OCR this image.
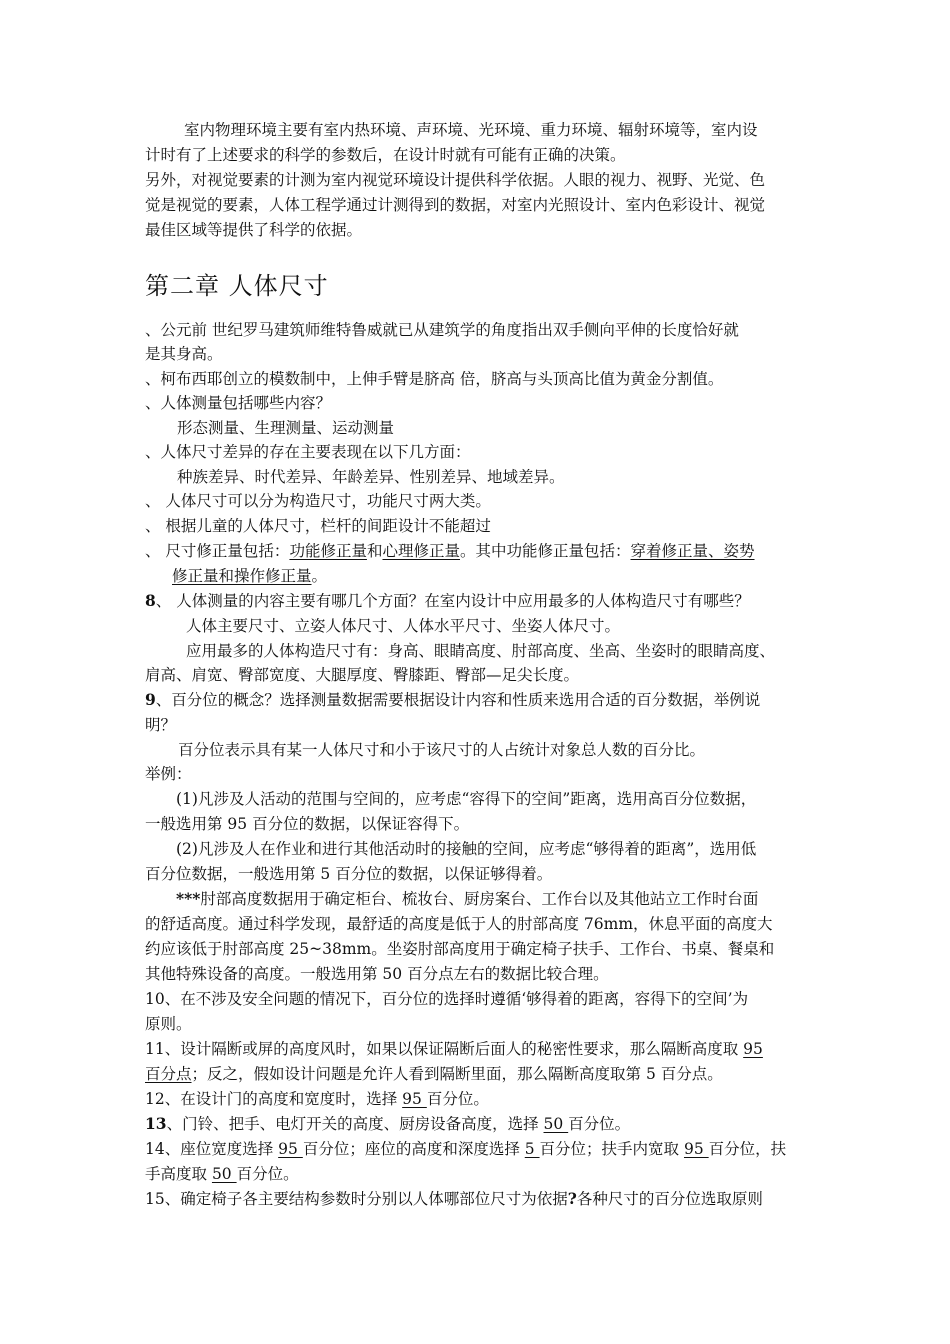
室内物理环境主要有室内热环境、声环境、光环境、重力环境、辐射环境等，室内设
计时有了上述要求的科学的参数后，在设计时就有可能有正确的决策。
另外，对视觉要素的计测为室内视觉环境设计提供科学依据。人眼的视力、视野、光觉、色
觉是视觉的要素，人体工程学通过计测得到的数据，对室内光照设计、室内色彩设计、视觉
最佳区域等提供了科学的依据。
第二章 人体尺寸
、公元前 世纪罗马建筑师维特鲁威就已从建筑学的角度指出双手侧向平伸的长度恰好就
是其身高。
、柯布西耶创立的模数制中，上伸手臂是脐高 倍，脐高与头顶高比值为黄金分割值。
、人体测量包括哪些内容？
形态测量、生理测量、运动测量
、人体尺寸差异的存在主要表现在以下几方面：
种族差异、时代差异、年龄差异、性别差异、地域差异。
、 人体尺寸可以分为构造尺寸，功能尺寸两大类。
、 根据儿童的人体尺寸，栏杆的间距设计不能超过
、 尺寸修正量包括：功能修正量和心理修正量。其中功能修正量包括：穿着修正量、姿势
修正量和操作修正量。
8、 人体测量的内容主要有哪几个方面？在室内设计中应用最多的人体构造尺寸有哪些？
人体主要尺寸、立姿人体尺寸、人体水平尺寸、坐姿人体尺寸。
应用最多的人体构造尺寸有：身高、眼睛高度、肘部高度、坐高、坐姿时的眼睛高度、
肩高、肩宽、臀部宽度、大腿厚度、臀膝距、臀部—足尖长度。
9、百分位的概念？选择测量数据需要根据设计内容和性质来选用合适的百分数据，举例说
明？
百分位表示具有某一人体尺寸和小于该尺寸的人占统计对象总人数的百分比。
举例：
(1)凡涉及人活动的范围与空间的，应考虑“容得下的空间”距离，选用高百分位数据，
一般选用第 95 百分位的数据，以保证容得下。
(2)凡涉及人在作业和进行其他活动时的接触的空间，应考虑“够得着的距离”，选用低
百分位数据，一般选用第 5 百分位的数据，以保证够得着。
***肘部高度数据用于确定柜台、梳妆台、厨房案台、工作台以及其他站立工作时台面
的舒适高度。通过科学发现，最舒适的高度是低于人的肘部高度 76mm，休息平面的高度大
约应该低于肘部高度 25~38mm。坐姿肘部高度用于确定椅子扶手、工作台、书桌、餐桌和
其他特殊设备的高度。一般选用第 50 百分点左右的数据比较合理。
10、在不涉及安全问题的情况下，百分位的选择时遵循‘够得着的距离，容得下的空间’为
原则。
11、设计隔断或屏的高度风时，如果以保证隔断后面人的秘密性要求，那么隔断高度取 95
百分点；反之，假如设计问题是允许人看到隔断里面，那么隔断高度取第 5 百分点。
12、在设计门的高度和宽度时，选择 95 百分位。
13、门铃、把手、电灯开关的高度、厨房设备高度，选择 50 百分位。
14、座位宽度选择 95 百分位；座位的高度和深度选择 5 百分位；扶手内宽取 95 百分位，扶
手高度取 50 百分位。
15、确定椅子各主要结构参数时分别以人体哪部位尺寸为依据?各种尺寸的百分位选取原则
